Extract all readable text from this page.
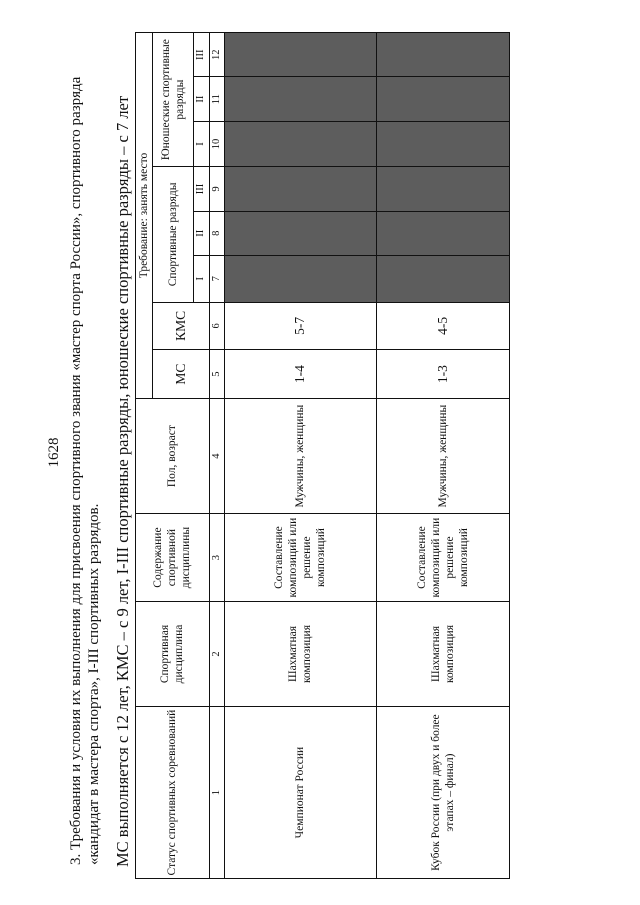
1628 3. Требования и условия их выполнения для присвоения спортивного звания «мастер спорта России», спортивного разряда «кандидат в мастера спорта», I-III спортивных разрядов. МС выполняется с 12 лет, КМС – с 9 лет, I-III спортивные разряды, юношеские спортивные разряды – с 7 лет	Статус спортивных соревнований	Спортивная дисциплина	Содержание спортивной дисциплины	Пол, возраст	Требование: занять место							
				МС	КМС	Спортивные разряды			Юношеские спортивные разряды		
						I	II	III	I	II	III
1	2	3	4	5	6	7	8	9	10	11	12
Чемпионат России	Шахматная композиция	Составление композиций или решение композиций	Мужчины, женщины	1-4	5-7						
Кубок России (при двух и более этапах – финал)	Шахматная композиция	Составление композиций или решение композиций	Мужчины, женщины	1-3	4-5						
